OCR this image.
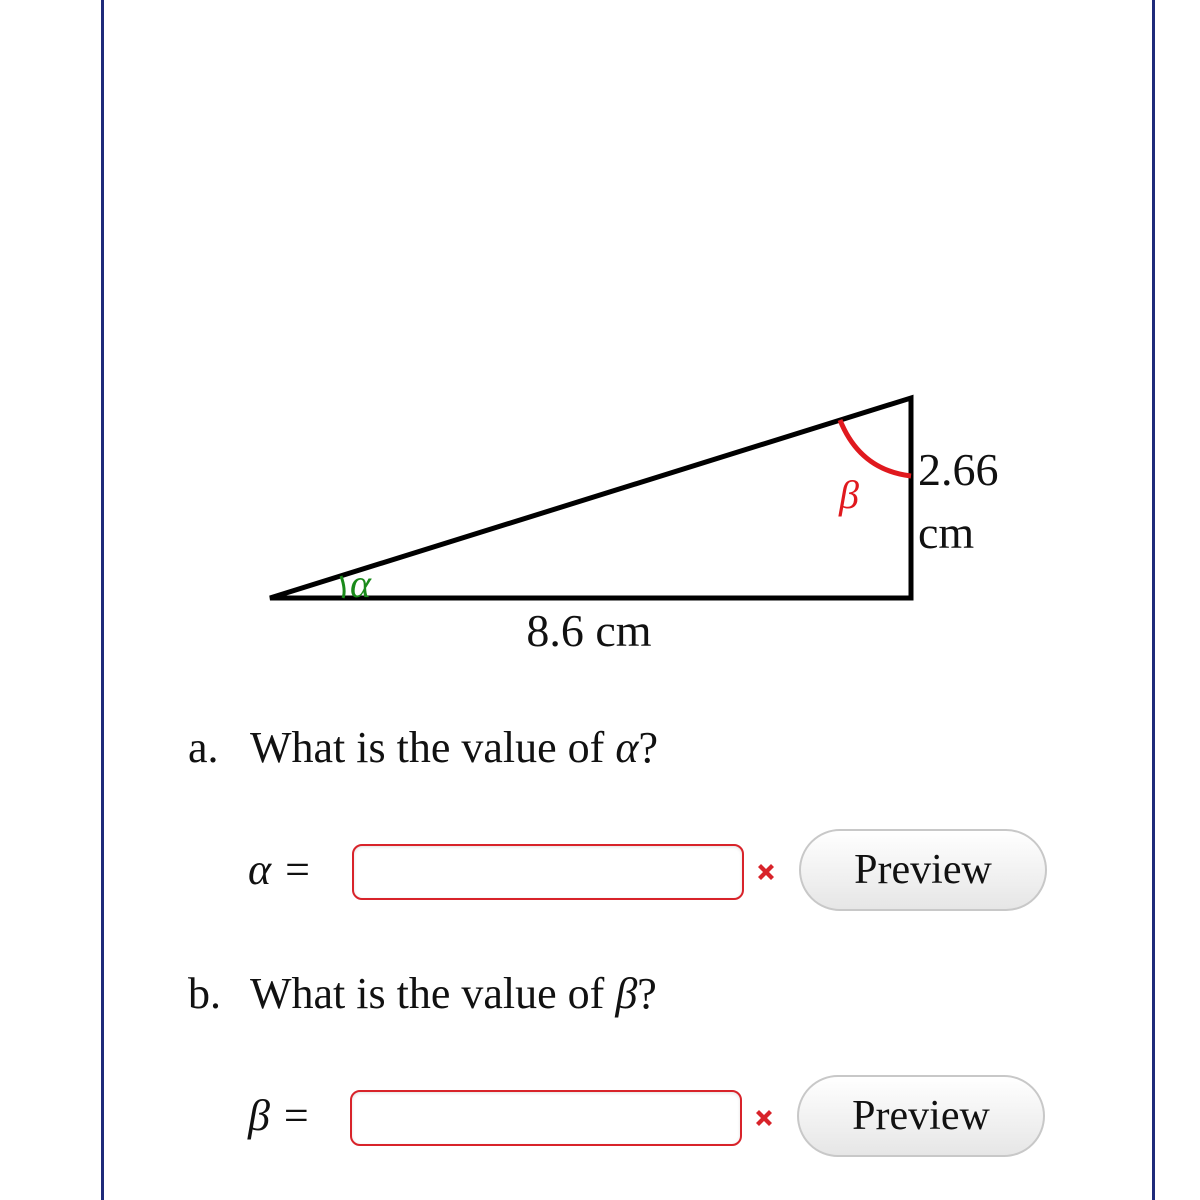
α
β 2.66
cm
8.6 cm
a. What is the value of α?
α =	Preview
b. What is the value of β?
β =	Preview
